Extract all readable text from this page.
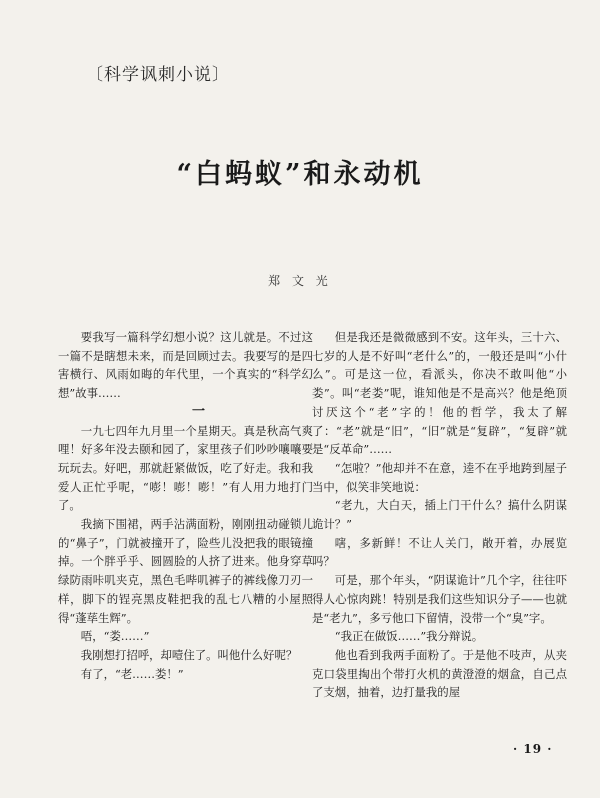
〔科学讽刺小说〕
“白蚂蚁”和永动机
郑 文 光

要我写一篇科学幻想小说？这儿就是。不过这一篇不是瞎想未来，而是回顾过去。我要写的是四害横行、风雨如晦的年代里，一个真实的“科学幻想”故事……

一

一九七四年九月里一个星期天。真是秋高气爽哩！好多年没去颐和园了，家里孩子们吵吵嚷嚷要玩玩去。好吧，那就赶紧做饭，吃了好走。我和我爱人正忙乎呢，“嘭！嘭！嘭！”有人用力地打门了。

我摘下围裙，两手沾满面粉，刚刚扭动碰锁儿的“鼻子”，门就被撞开了，险些儿没把我的眼镜撞掉。一个胖乎乎、圆圆脸的人挤了进来。他身穿草绿防雨咔叽夹克，黑色毛哔叽裤子的裤线像刀刃一样，脚下的锃亮黑皮鞋把我的乱七八糟的小屋照得“蓬荜生辉”。

唔，“娄……”

我刚想打招呼，却噎住了。叫他什么好呢？

有了，“老……娄！”

但是我还是微微感到不安。这年头，三十六、七岁的人是不好叫“老什么”的，一般还是叫“小什么”。可是这一位，看派头，你决不敢叫他“小娄”。叫“老娄”呢，谁知他是不是高兴？他是绝顶讨厌这个“老”字的！他的哲学，我太了解了：“老”就是“旧”，“旧”就是“复辟”，“复辟”就是“反革命”……

“怎啦？”他却并不在意，逵不在乎地跨到屋子当中，似笑非笑地说：

“老九，大白天，插上门干什么？搞什么阴谋诡计？”

嗐，多新鲜！不让人关门，敞开着，办展览吗？

可是，那个年头，“阴谋诡计”几个字，往往吓得人心惊肉跳！特别是我们这些知识分子——也就是“老九”，多亏他口下留情，没带一个“臭”字。

“我正在做饭……”我分辩说。

他也看到我两手面粉了。于是他不吱声，从夹克口袋里掏出个带打火机的黄澄澄的烟盒，自己点了支烟，抽着，边打量我的屋

· 19 ·
